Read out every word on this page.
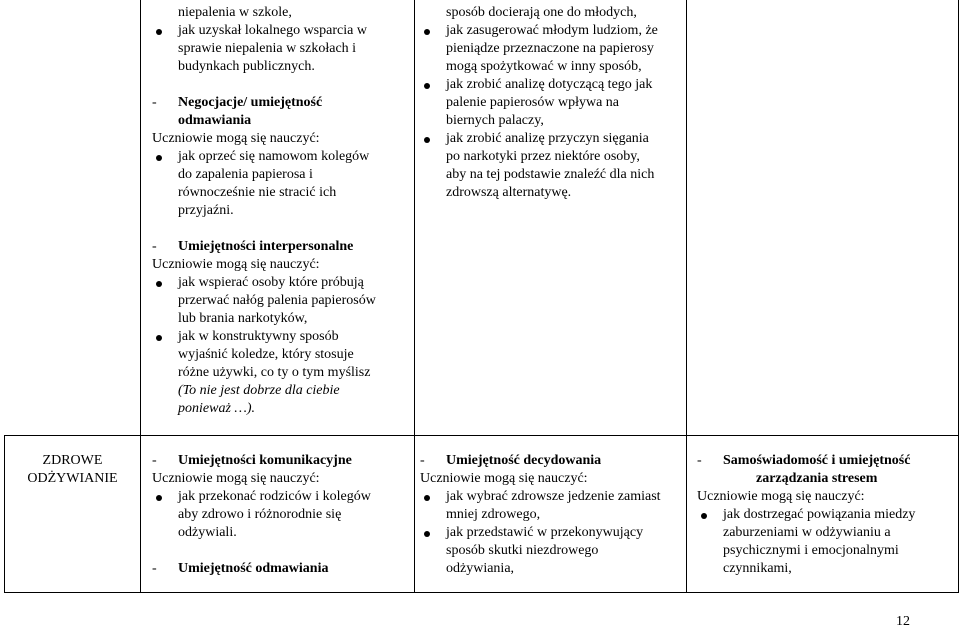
niepalenia w szkole,
jak uzyskał lokalnego wsparcia w
sprawie niepalenia w szkołach i
budynkach publicznych.
-	Negocjacje/ umiejętność
odmawiania
Uczniowie mogą się nauczyć:
jak oprzeć się namowom kolegów
do zapalenia papierosa i
równocześnie nie stracić ich
przyjaźni.
- Umiejętności interpersonalne
Uczniowie mogą się nauczyć:
jak wspierać osoby które próbują
przerwać nałóg palenia papierosów
lub brania narkotyków,
jak w konstruktywny sposób
wyjaśnić koledze, który stosuje
różne używki, co ty o tym myślisz
(To nie jest dobrze dla ciebie
ponieważ …).
sposób docierają one do młodych,
jak zasugerować młodym ludziom, że
pieniądze przeznaczone na papierosy
mogą spożytkować w inny sposób,
jak zrobić analizę dotyczącą tego jak
palenie papierosów wpływa na
biernych palaczy,
jak zrobić analizę przyczyn sięgania
po narkotyki przez niektóre osoby,
aby na tej podstawie znaleźć dla nich
zdrowszą alternatywę.
ZDROWE
ODŻYWIANIE
- Umiejętności komunikacyjne
Uczniowie mogą się nauczyć:
jak przekonać rodziców i kolegów
aby zdrowo i różnorodnie się
odżywiali.
- Umiejętność odmawiania
- Umiejętność decydowania
Uczniowie mogą się nauczyć:
jak wybrać zdrowsze jedzenie zamiast
mniej zdrowego,
jak przedstawić w przekonywujący
sposób skutki niezdrowego
odżywiania,
-	Samoświadomość i umiejętność
zarządzania stresem
Uczniowie mogą się nauczyć:
jak dostrzegać powiązania miedzy
zaburzeniami w odżywianiu a
psychicznymi i emocjonalnymi
czynnikami,
12
